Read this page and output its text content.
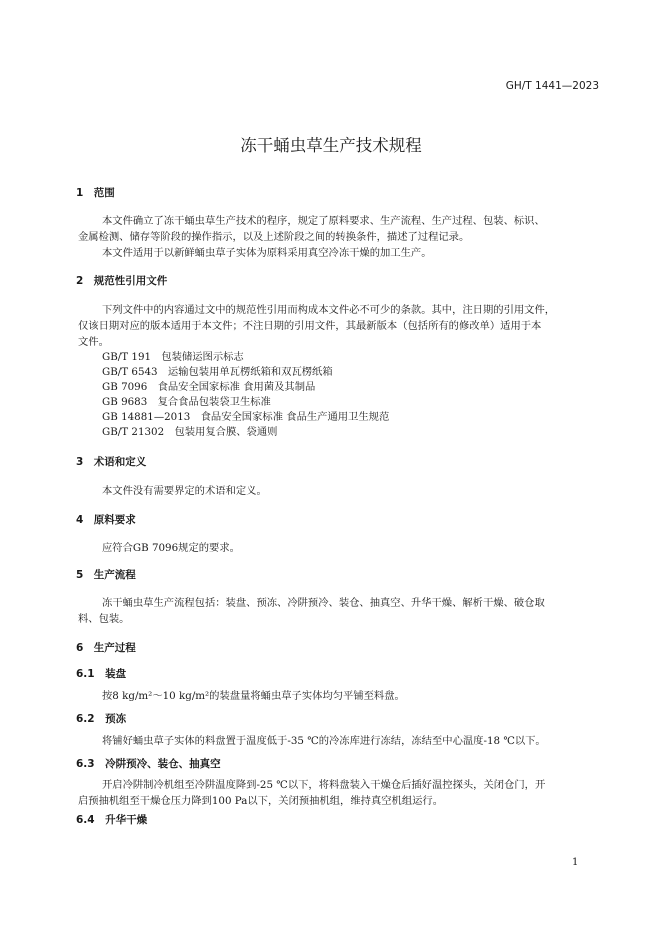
GH/T 1441—2023
冻干蛹虫草生产技术规程
1　范围
本文件确立了冻干蛹虫草生产技术的程序，规定了原料要求、生产流程、生产过程、包装、标识、
金属检测、储存等阶段的操作指示，以及上述阶段之间的转换条件，描述了过程记录。
本文件适用于以新鲜蛹虫草子实体为原料采用真空冷冻干燥的加工生产。
2　规范性引用文件
下列文件中的内容通过文中的规范性引用而构成本文件必不可少的条款。其中，注日期的引用文件，
仅该日期对应的版本适用于本文件；不注日期的引用文件，其最新版本（包括所有的修改单）适用于本
文件。
GB/T 191　包装储运图示标志
GB/T 6543　运输包装用单瓦楞纸箱和双瓦楞纸箱
GB 7096　食品安全国家标准 食用菌及其制品
GB 9683　复合食品包装袋卫生标准
GB 14881—2013　食品安全国家标准 食品生产通用卫生规范
GB/T 21302　包装用复合膜、袋通则
3　术语和定义
本文件没有需要界定的术语和定义。
4　原料要求
应符合GB 7096规定的要求。
5　生产流程
冻干蛹虫草生产流程包括：装盘、预冻、冷阱预冷、装仓、抽真空、升华干燥、解析干燥、破仓取
料、包装。
6　生产过程
6.1　装盘
按8 kg/m²～10 kg/m²的装盘量将蛹虫草子实体均匀平铺至料盘。
6.2　预冻
将铺好蛹虫草子实体的料盘置于温度低于-35 ℃的冷冻库进行冻结，冻结至中心温度-18 ℃以下。
6.3　冷阱预冷、装仓、抽真空
开启冷阱制冷机组至冷阱温度降到-25 ℃以下，将料盘装入干燥仓后插好温控探头，关闭仓门，开
启预抽机组至干燥仓压力降到100 Pa以下，关闭预抽机组，维持真空机组运行。
6.4　升华干燥
1
